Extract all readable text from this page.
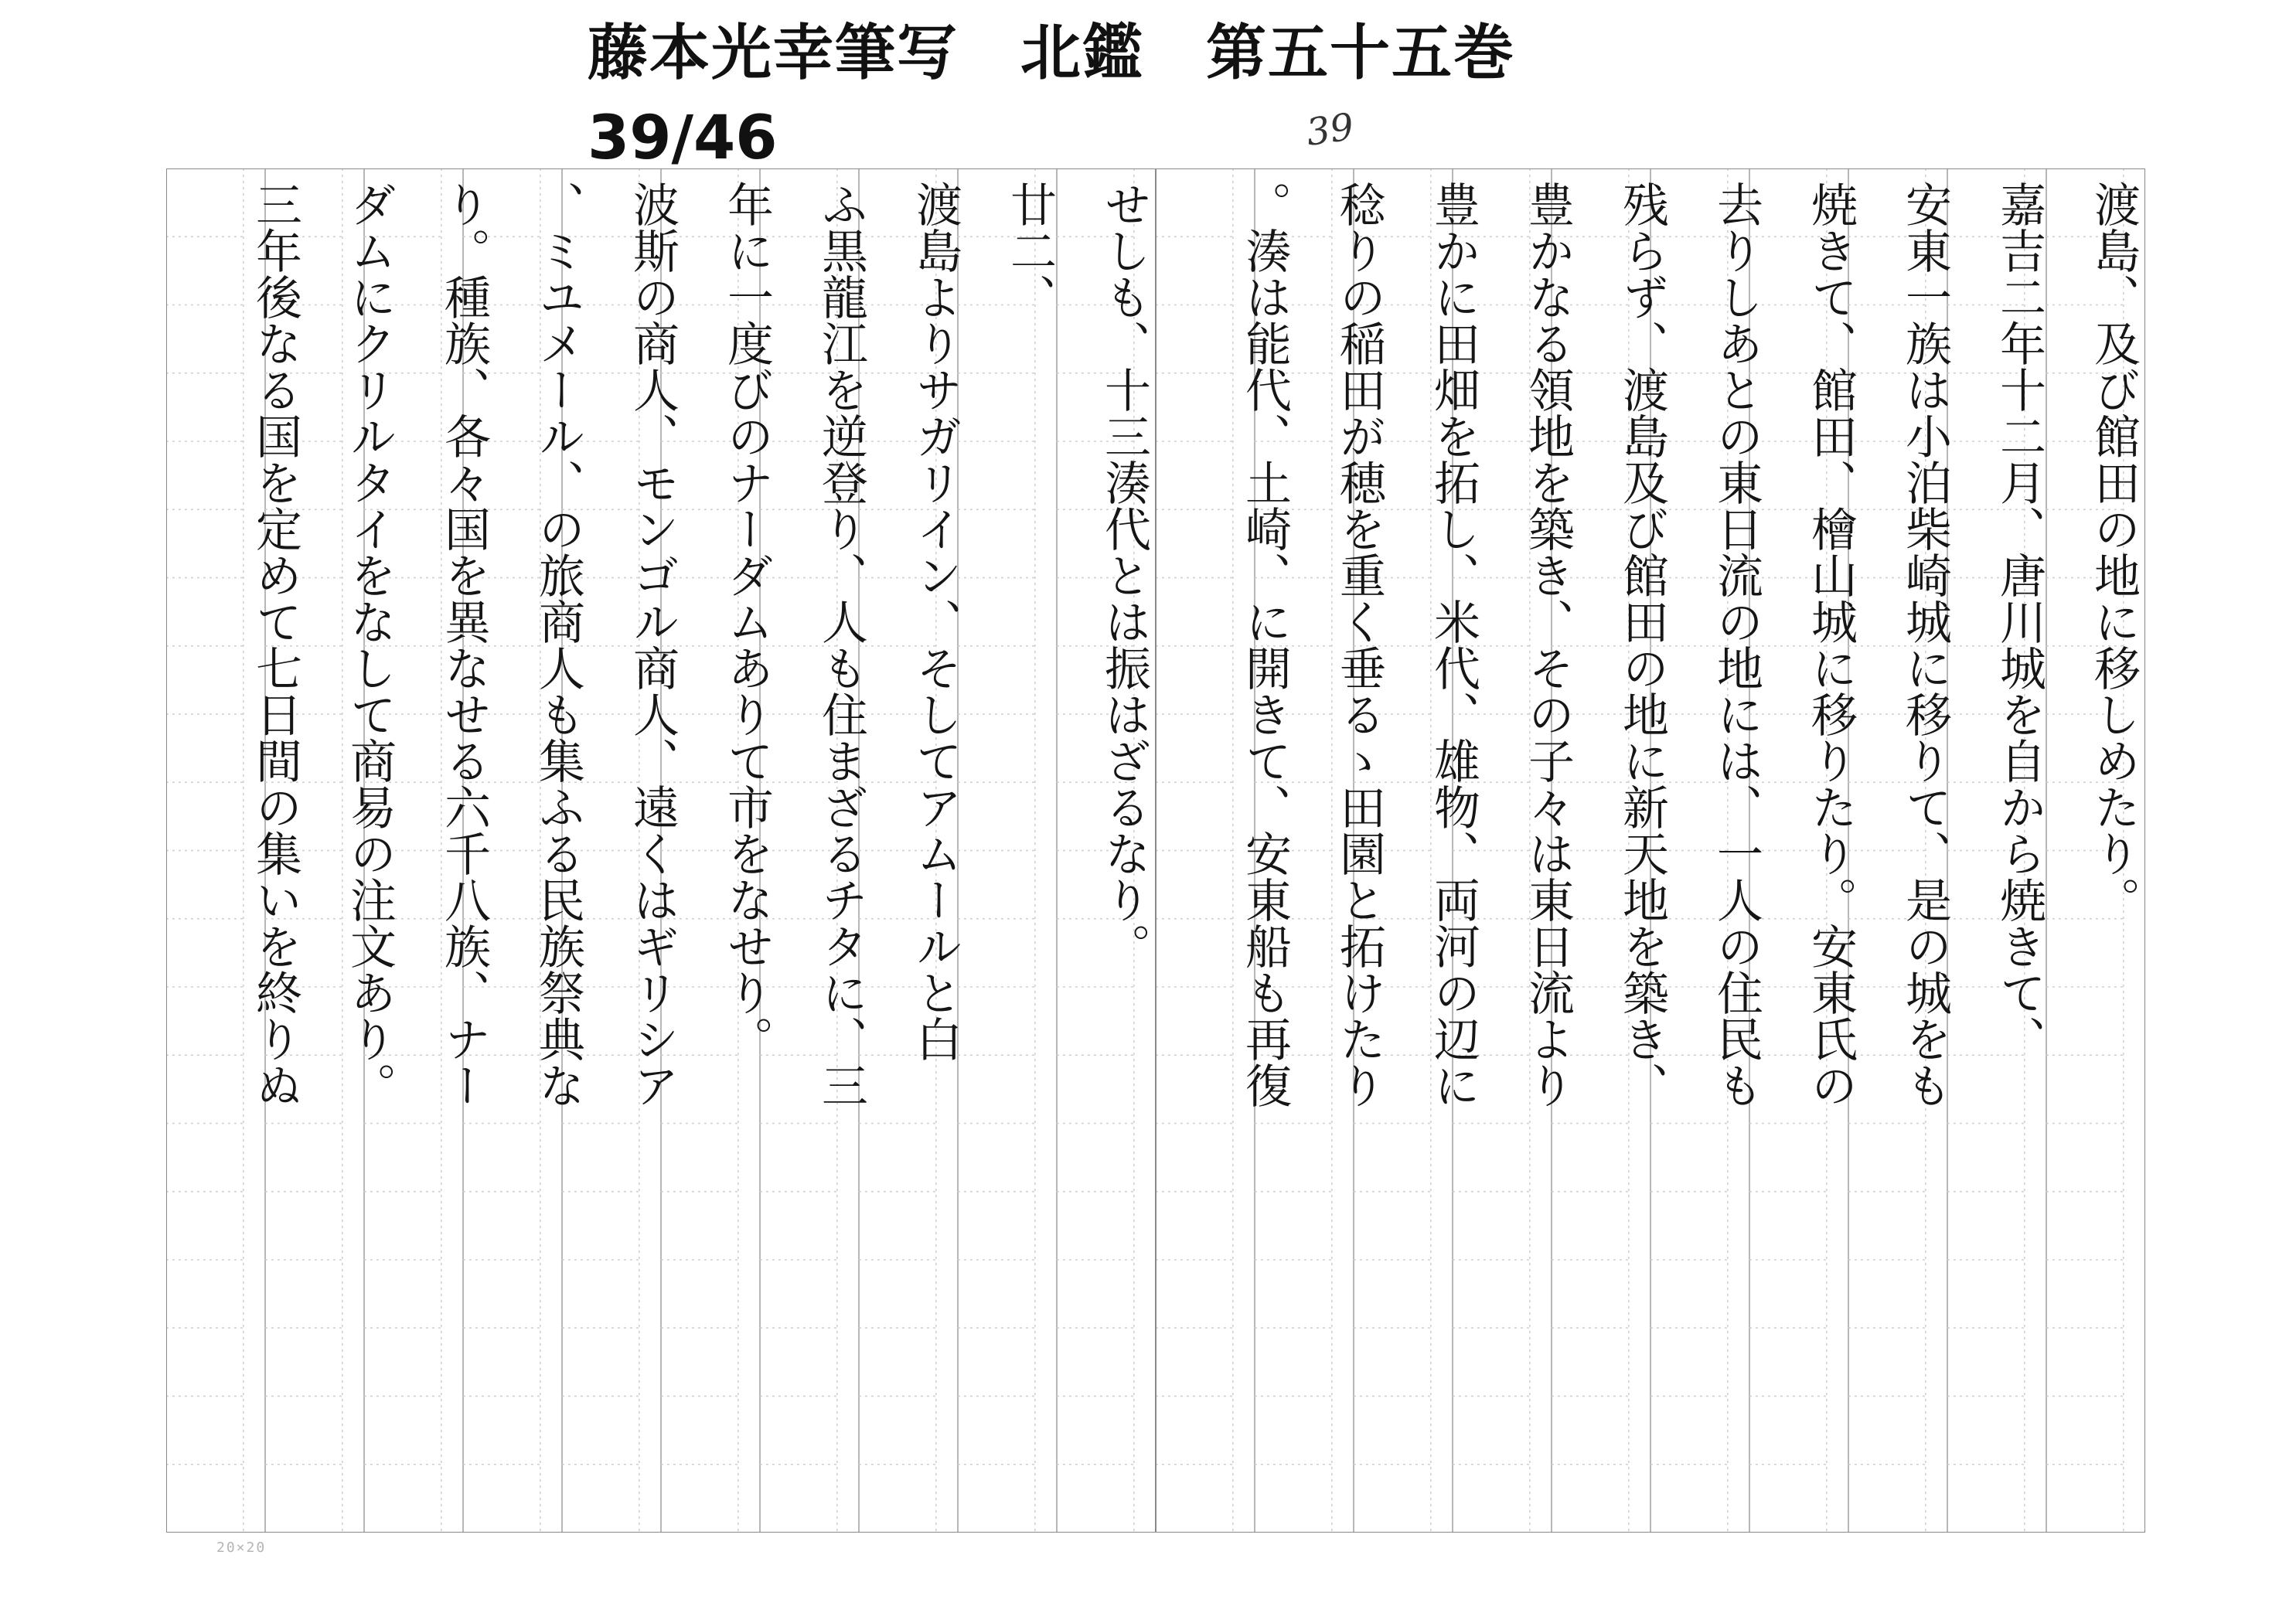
藤本光幸筆写　北鑑　第五十五巻
39/46	39
渡島、及び館田の地に移しめたり。
嘉吉二年十二月、唐川城を自から焼きて、
安東一族は小泊柴崎城に移りて、是の城をも
焼きて、館田、檜山城に移りたり。安東氏の
去りしあとの東日流の地には、一人の住民も
残らず、渡島及び館田の地に新天地を築き、
豊かなる領地を築き、その子々は東日流より
豊かに田畑を拓し、米代、雄物、両河の辺に
稔りの稲田が穂を重く垂るゝ田園と拓けたり
。湊は能代、土崎、に開きて、安東船も再復
せしも、十三湊代とは振はざるなり。
廿二、
渡島よりサガリイン、そしてアムールと白
ふ黒龍江を逆登り、人も住まざるチタに、三
年に一度びのナーダムありて市をなせり。
波斯の商人、モンゴル商人、遠くはギリシア
、ミユメール、の旅商人も集ふる民族祭典な
り。種族、各々国を異なせる六千八族、ナー
ダムにクリルタイをなして商易の注文あり。
三年後なる国を定めて七日間の集いを終りぬ
20×20
